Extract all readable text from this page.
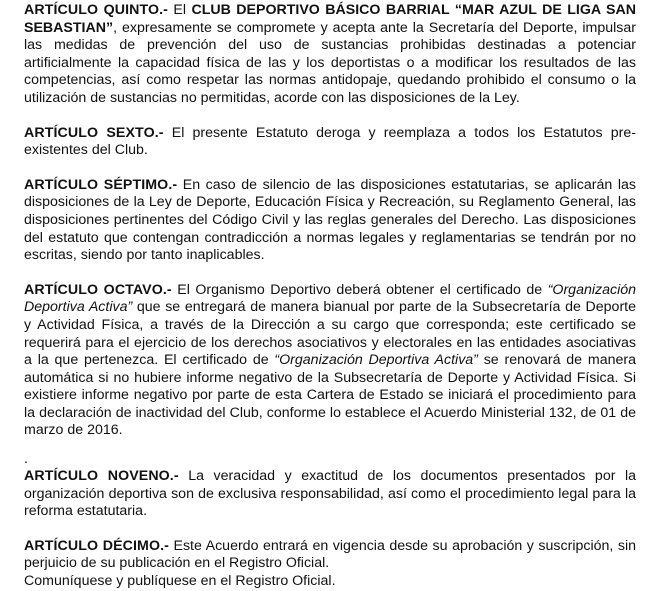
ARTÍCULO QUINTO.- El CLUB DEPORTIVO BÁSICO BARRIAL “MAR AZUL DE LIGA SAN SEBASTIAN”, expresamente se compromete y acepta ante la Secretaría del Deporte, impulsar las medidas de prevención del uso de sustancias prohibidas destinadas a potenciar artificialmente la capacidad física de las y los deportistas o a modificar los resultados de las competencias, así como respetar las normas antidopaje, quedando prohibido el consumo o la utilización de sustancias no permitidas, acorde con las disposiciones de la Ley.

ARTÍCULO SEXTO.- El presente Estatuto deroga y reemplaza a todos los Estatutos pre-existentes del Club.

ARTÍCULO SÉPTIMO.- En caso de silencio de las disposiciones estatutarias, se aplicarán las disposiciones de la Ley de Deporte, Educación Física y Recreación, su Reglamento General, las disposiciones pertinentes del Código Civil y las reglas generales del Derecho. Las disposiciones del estatuto que contengan contradicción a normas legales y reglamentarias se tendrán por no escritas, siendo por tanto inaplicables.

ARTÍCULO OCTAVO.- El Organismo Deportivo deberá obtener el certificado de “Organización Deportiva Activa” que se entregará de manera bianual por parte de la Subsecretaría de Deporte y Actividad Física, a través de la Dirección a su cargo que corresponda; este certificado se requerirá para el ejercicio de los derechos asociativos y electorales en las entidades asociativas a la que pertenezca. El certificado de “Organización Deportiva Activa” se renovará de manera automática si no hubiere informe negativo de la Subsecretaría de Deporte y Actividad Física. Si existiere informe negativo por parte de esta Cartera de Estado se iniciará el procedimiento para la declaración de inactividad del Club, conforme lo establece el Acuerdo Ministerial 132, de 01 de marzo de 2016.

.

ARTÍCULO NOVENO.- La veracidad y exactitud de los documentos presentados por la organización deportiva son de exclusiva responsabilidad, así como el procedimiento legal para la reforma estatutaria.

ARTÍCULO DÉCIMO.- Este Acuerdo entrará en vigencia desde su aprobación y suscripción, sin perjuicio de su publicación en el Registro Oficial.
Comuníquese y publíquese en el Registro Oficial.
